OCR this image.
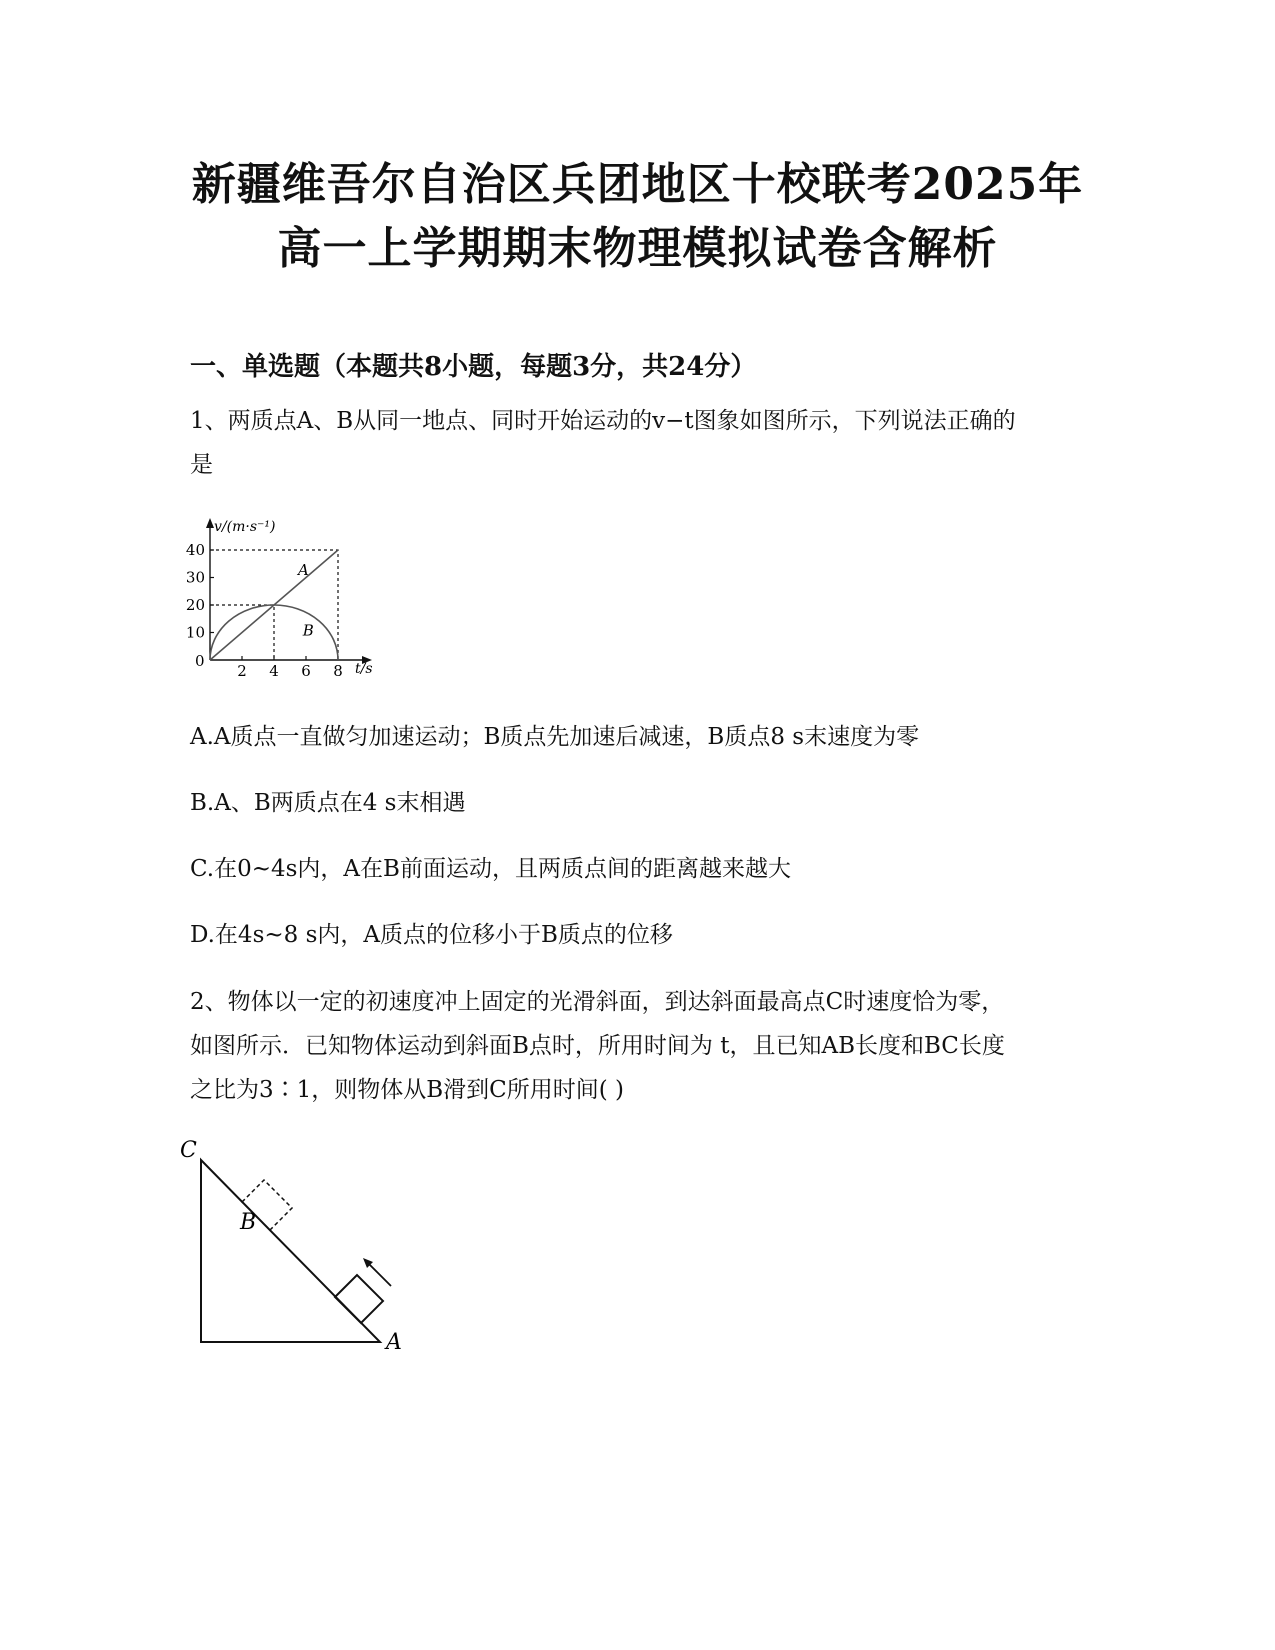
新疆维吾尔自治区兵团地区十校联考2025年
高一上学期期末物理模拟试卷含解析
一、单选题（本题共8小题，每题3分，共24分）
1、两质点A、B从同一地点、同时开始运动的v−t图象如图所示，下列说法正确的
是
2 4 6 8
10
20
30
40
A
B
v/(m·s⁻¹)
t/s
0
A.A质点一直做匀加速运动；B质点先加速后减速，B质点8 s末速度为零
B.A、B两质点在4 s末相遇
C.在0~4s内，A在B前面运动，且两质点间的距离越来越大
D.在4s~8 s内，A质点的位移小于B质点的位移
2、物体以一定的初速度冲上固定的光滑斜面，到达斜面最高点C时速度恰为零，
如图所示．已知物体运动到斜面B点时，所用时间为 t，且已知AB长度和BC长度
之比为3∶1，则物体从B滑到C所用时间( )
C
B
A
